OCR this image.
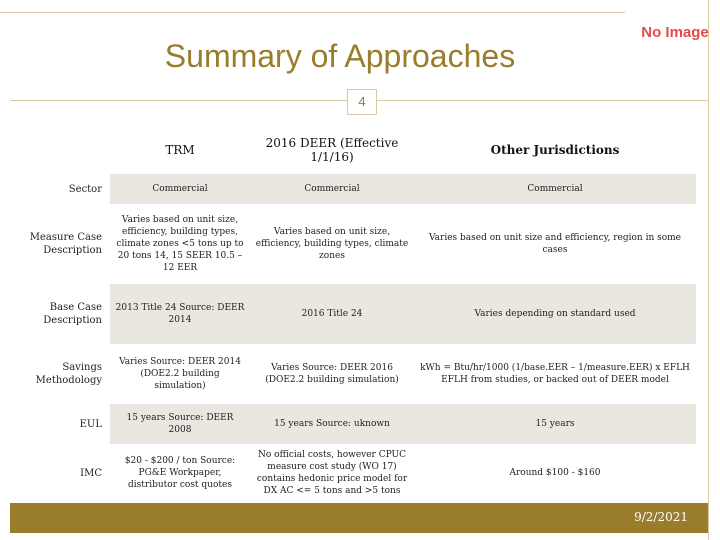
Summary of Approaches
No Image
4
	TRM	2016 DEER (Effective 1/1/16)	Other Jurisdictions
Sector	Commercial	Commercial	Commercial
Measure Case Description	Varies based on unit size, efficiency, building types, climate zones <5 tons up to 20 tons 14, 15 SEER 10.5 – 12 EER	Varies based on unit size, efficiency, building types, climate zones	Varies based on unit size and efficiency, region in some cases
Base Case Description	2013 Title 24 Source: DEER 2014	2016 Title 24	Varies depending on standard used
Savings Methodology	Varies Source: DEER 2014 (DOE2.2 building simulation)	Varies Source: DEER 2016 (DOE2.2 building simulation)	kWh = Btu/hr/1000 (1/base.EER – 1/measure.EER) x EFLH EFLH from studies, or backed out of DEER model
EUL	15 years Source: DEER 2008	15 years Source: uknown	15 years
IMC	$20 - $200 / ton Source: PG&E Workpaper, distributor cost quotes	No official costs, however CPUC measure cost study (WO 17) contains hedonic price model for DX AC <= 5 tons and >5 tons	Around $100 - $160
9/2/2021
